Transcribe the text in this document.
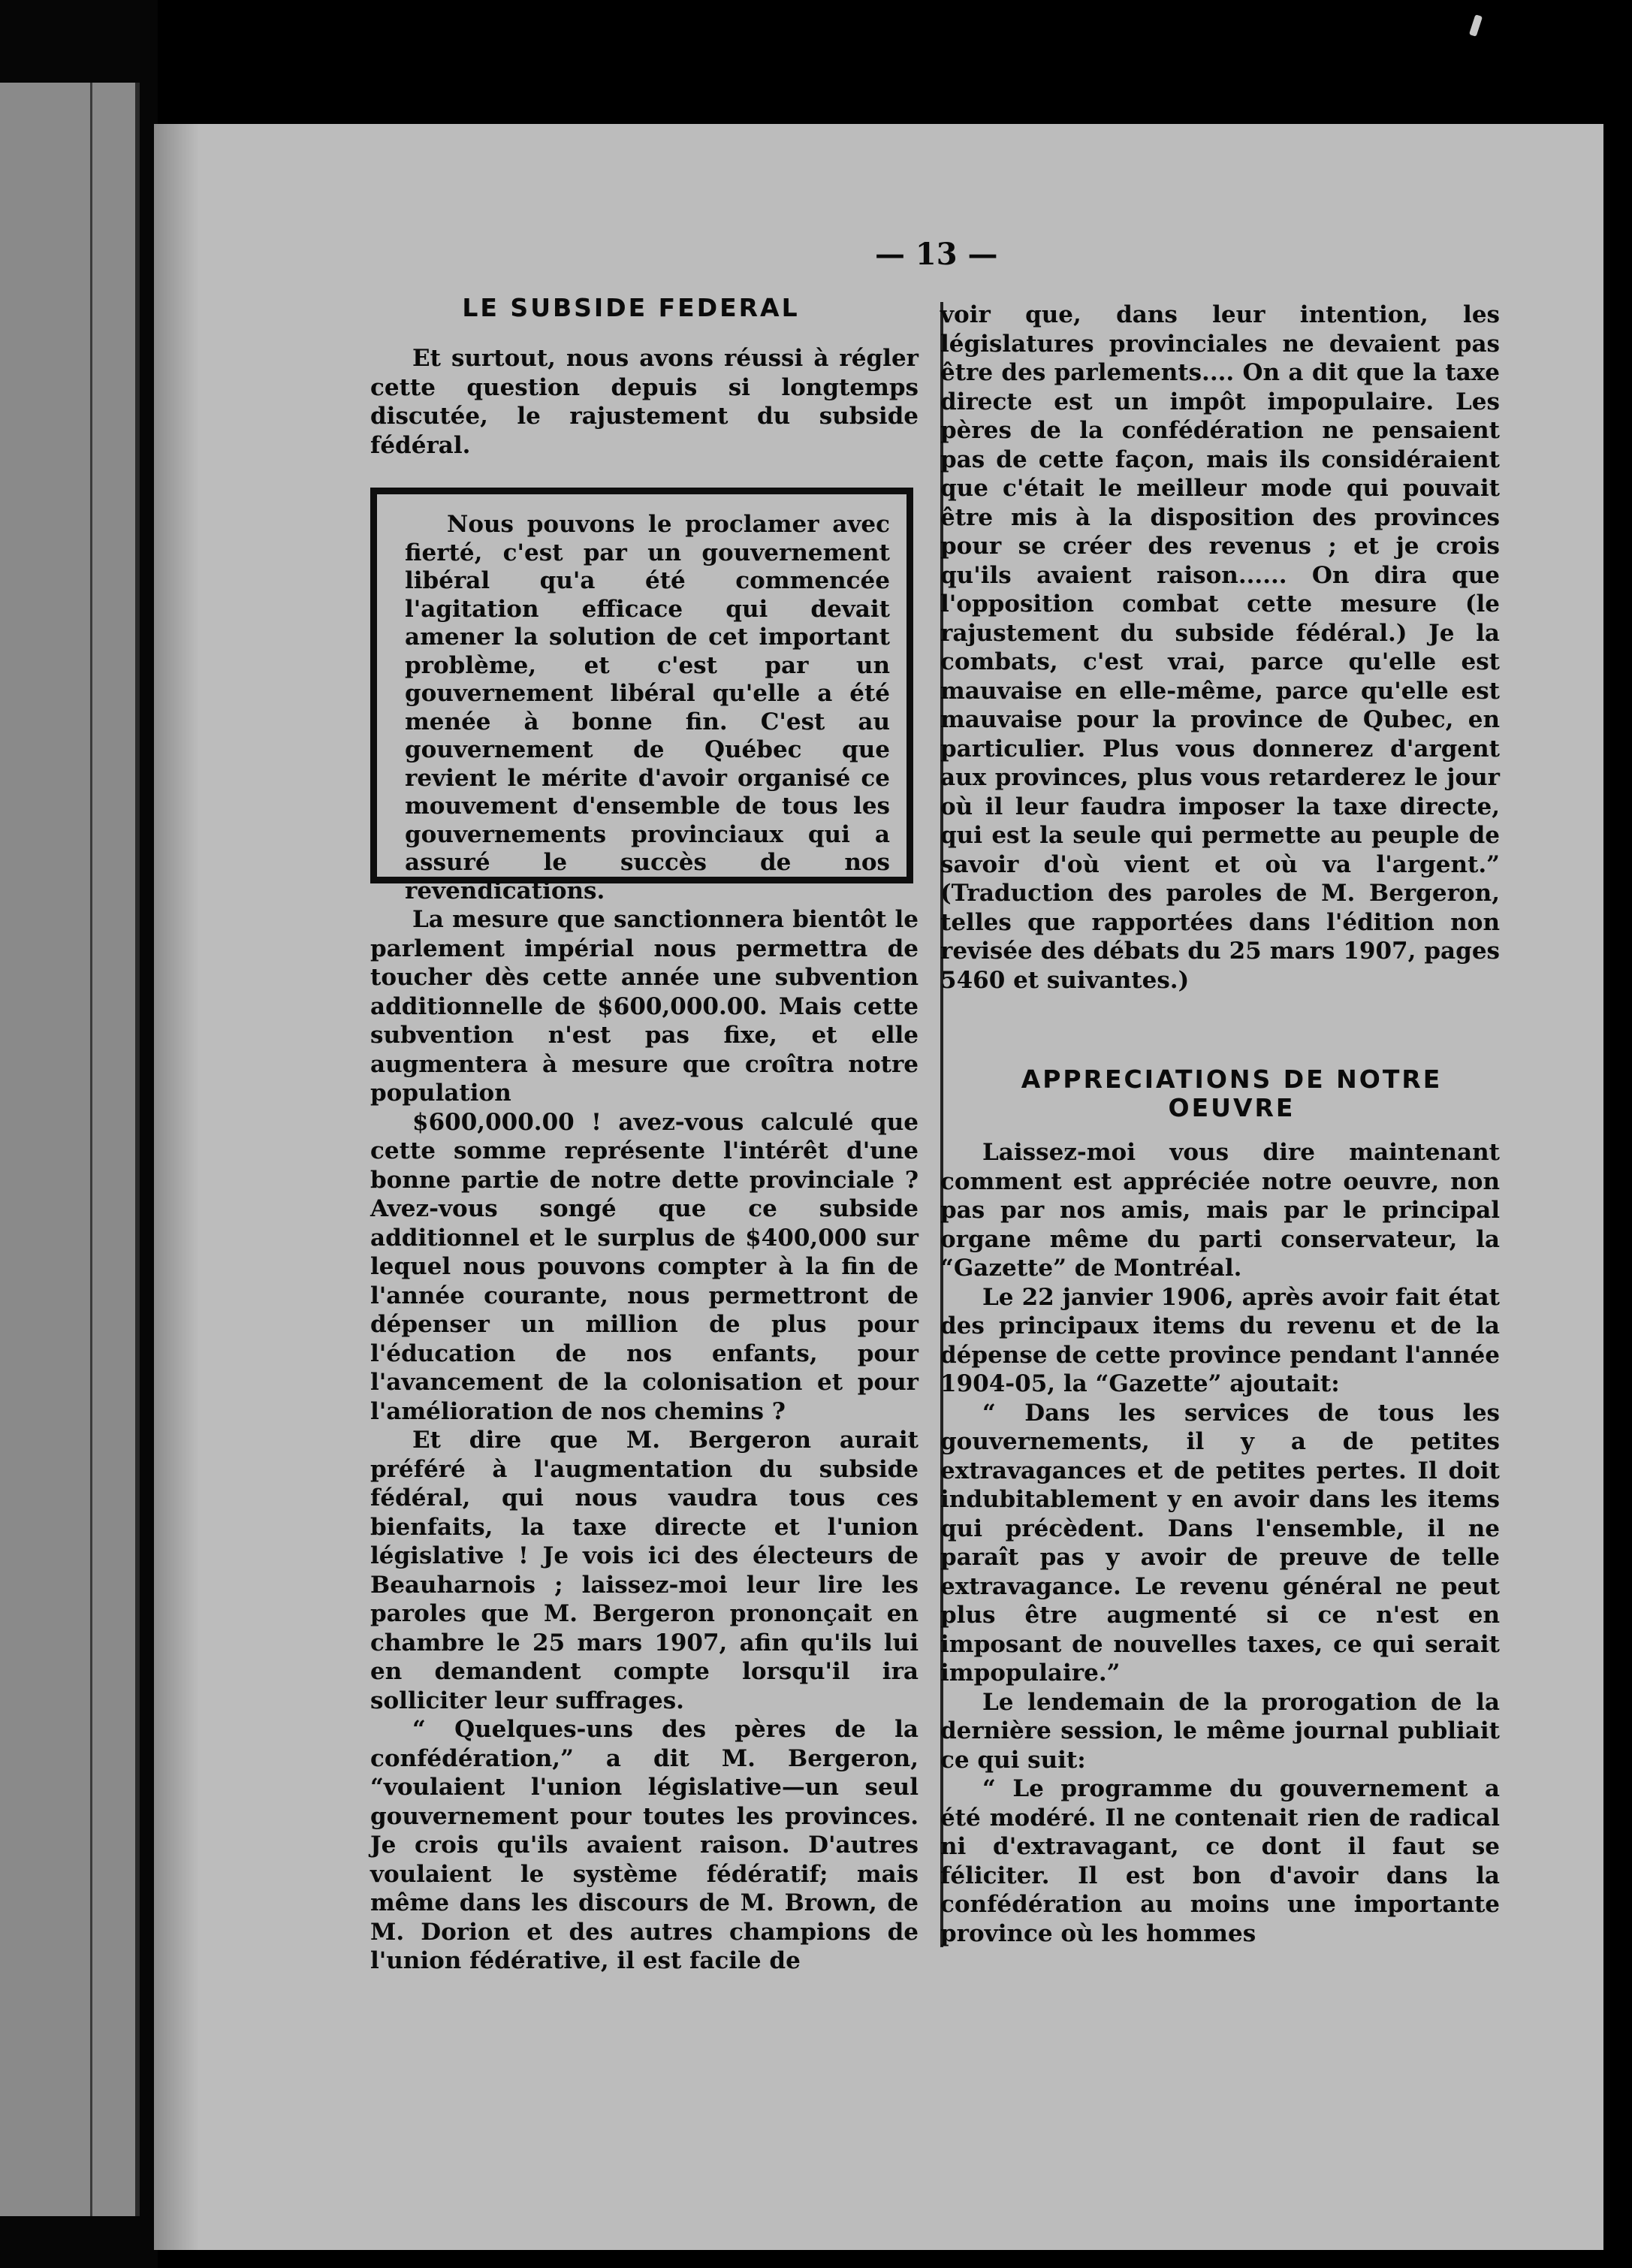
— 13 —
LE SUBSIDE FEDERAL

Et surtout, nous avons réussi à régler cette question depuis si longtemps discutée, le rajustement du subside fédéral.

Nous pouvons le proclamer avec fierté, c'est par un gouvernement libéral qu'a été commencée l'agitation efficace qui devait amener la solution de cet important problème, et c'est par un gouvernement libéral qu'elle a été menée à bonne fin. C'est au gouvernement de Québec que revient le mérite d'avoir organisé ce mouvement d'ensemble de tous les gouvernements provinciaux qui a assuré le succès de nos revendications.

La mesure que sanctionnera bientôt le parlement impérial nous permettra de toucher dès cette année une subvention additionnelle de $600,000.00. Mais cette subvention n'est pas fixe, et elle augmentera à mesure que croîtra notre population

$600,000.00 ! avez-vous calculé que cette somme représente l'intérêt d'une bonne partie de notre dette provinciale ? Avez-vous songé que ce subside additionnel et le surplus de $400,000 sur lequel nous pouvons compter à la fin de l'année courante, nous permettront de dépenser un million de plus pour l'éducation de nos enfants, pour l'avancement de la colonisation et pour l'amélioration de nos chemins ?

Et dire que M. Bergeron aurait préféré à l'augmentation du subside fédéral, qui nous vaudra tous ces bienfaits, la taxe directe et l'union législative ! Je vois ici des électeurs de Beauharnois ; laissez-moi leur lire les paroles que M. Bergeron prononçait en chambre le 25 mars 1907, afin qu'ils lui en demandent compte lorsqu'il ira solliciter leur suffrages.

“ Quelques-uns des pères de la confédération,” a dit M. Bergeron, “voulaient l'union législative—un seul gouvernement pour toutes les provinces. Je crois qu'ils avaient raison. D'autres voulaient le système fédératif; mais même dans les discours de M. Brown, de M. Dorion et des autres champions de l'union fédérative, il est facile de

voir que, dans leur intention, les législatures provinciales ne devaient pas être des parlements.... On a dit que la taxe directe est un impôt impopulaire. Les pères de la confédération ne pensaient pas de cette façon, mais ils considéraient que c'était le meilleur mode qui pouvait être mis à la disposition des provinces pour se créer des revenus ; et je crois qu'ils avaient raison...... On dira que l'opposition combat cette mesure (le rajustement du subside fédéral.) Je la combats, c'est vrai, parce qu'elle est mauvaise en elle-même, parce qu'elle est mauvaise pour la province de Qubec, en particulier. Plus vous donnerez d'argent aux provinces, plus vous retarderez le jour où il leur faudra imposer la taxe directe, qui est la seule qui permette au peuple de savoir d'où vient et où va l'argent.” (Traduction des paroles de M. Bergeron, telles que rapportées dans l'édition non revisée des débats du 25 mars 1907, pages 5460 et suivantes.)

APPRECIATIONS DE NOTRE
OEUVRE

Laissez-moi vous dire maintenant comment est appréciée notre oeuvre, non pas par nos amis, mais par le principal organe même du parti conservateur, la “Gazette” de Montréal.

Le 22 janvier 1906, après avoir fait état des principaux items du revenu et de la dépense de cette province pendant l'année 1904-05, la “Gazette” ajoutait:

“ Dans les services de tous les gouvernements, il y a de petites extravagances et de petites pertes. Il doit indubitablement y en avoir dans les items qui précèdent. Dans l'ensemble, il ne paraît pas y avoir de preuve de telle extravagance. Le revenu général ne peut plus être augmenté si ce n'est en imposant de nouvelles taxes, ce qui serait impopulaire.”

Le lendemain de la prorogation de la dernière session, le même journal publiait ce qui suit:

“ Le programme du gouvernement a été modéré. Il ne contenait rien de radical ni d'extravagant, ce dont il faut se féliciter. Il est bon d'avoir dans la confédération au moins une importante province où les hommes
